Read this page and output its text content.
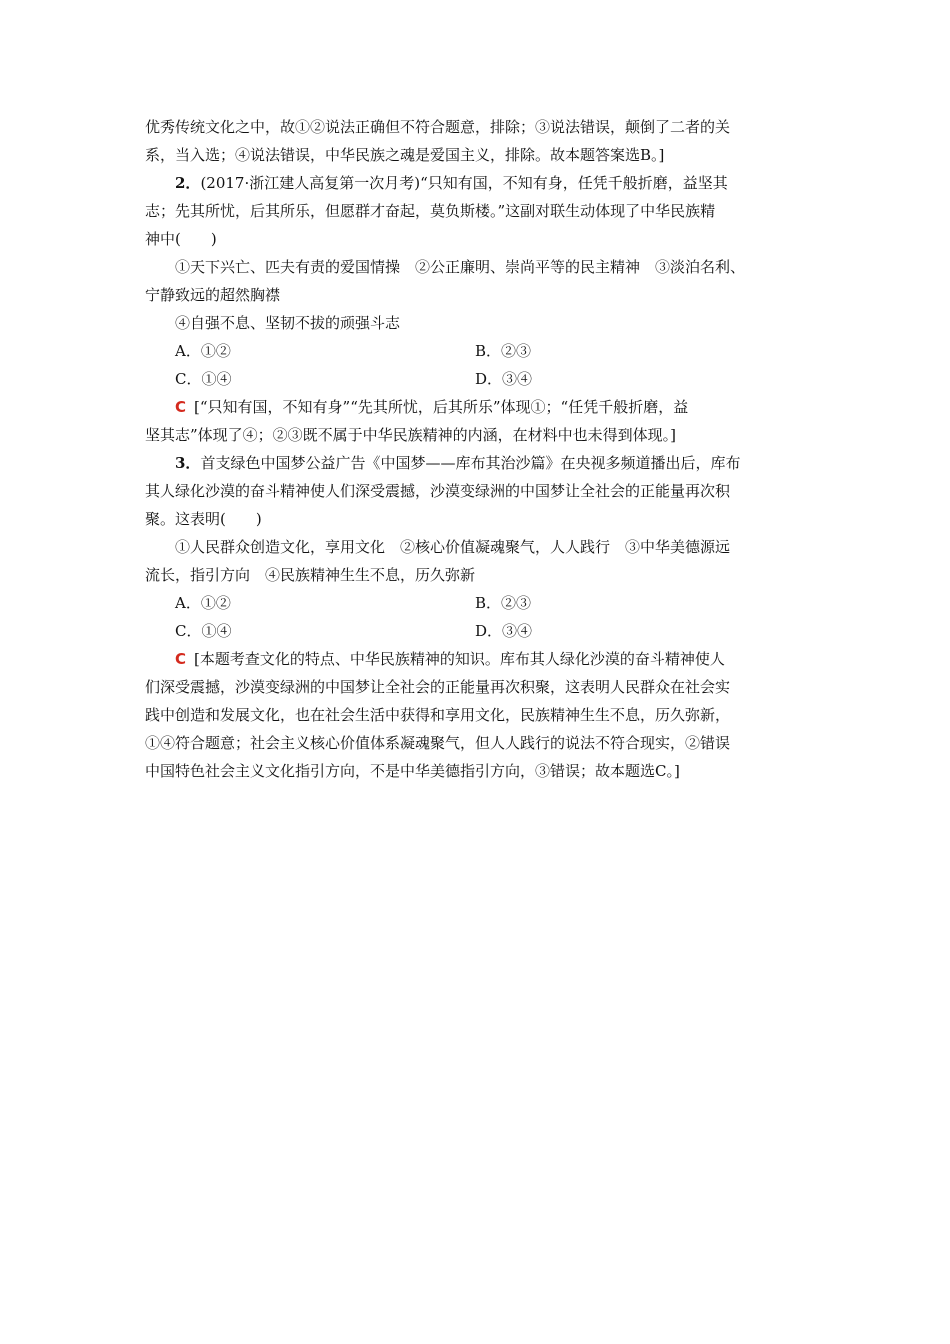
优秀传统文化之中，故①②说法正确但不符合题意，排除；③说法错误，颠倒了二者的关
系，当入选；④说法错误，中华民族之魂是爱国主义，排除。故本题答案选B。]
2．(2017·浙江建人高复第一次月考)“只知有国，不知有身，任凭千般折磨，益坚其
志；先其所忧，后其所乐，但愿群才奋起，莫负斯楼。”这副对联生动体现了中华民族精
神中(　　)
①天下兴亡、匹夫有责的爱国情操　②公正廉明、崇尚平等的民主精神　③淡泊名利、
宁静致远的超然胸襟
④自强不息、坚韧不拔的顽强斗志
A．①②	B．②③
C．①④	D．③④
C [“只知有国，不知有身”“先其所忧，后其所乐”体现①；“任凭千般折磨，益
坚其志”体现了④；②③既不属于中华民族精神的内涵，在材料中也未得到体现。]
3．首支绿色中国梦公益广告《中国梦——库布其治沙篇》在央视多频道播出后，库布
其人绿化沙漠的奋斗精神使人们深受震撼，沙漠变绿洲的中国梦让全社会的正能量再次积
聚。这表明(　　)
①人民群众创造文化，享用文化　②核心价值凝魂聚气，人人践行　③中华美德源远
流长，指引方向　④民族精神生生不息，历久弥新
A．①②	B．②③
C．①④	D．③④
C [本题考查文化的特点、中华民族精神的知识。库布其人绿化沙漠的奋斗精神使人
们深受震撼，沙漠变绿洲的中国梦让全社会的正能量再次积聚，这表明人民群众在社会实
践中创造和发展文化，也在社会生活中获得和享用文化，民族精神生生不息，历久弥新，
①④符合题意；社会主义核心价值体系凝魂聚气，但人人践行的说法不符合现实，②错误
中国特色社会主义文化指引方向，不是中华美德指引方向，③错误；故本题选C。]
